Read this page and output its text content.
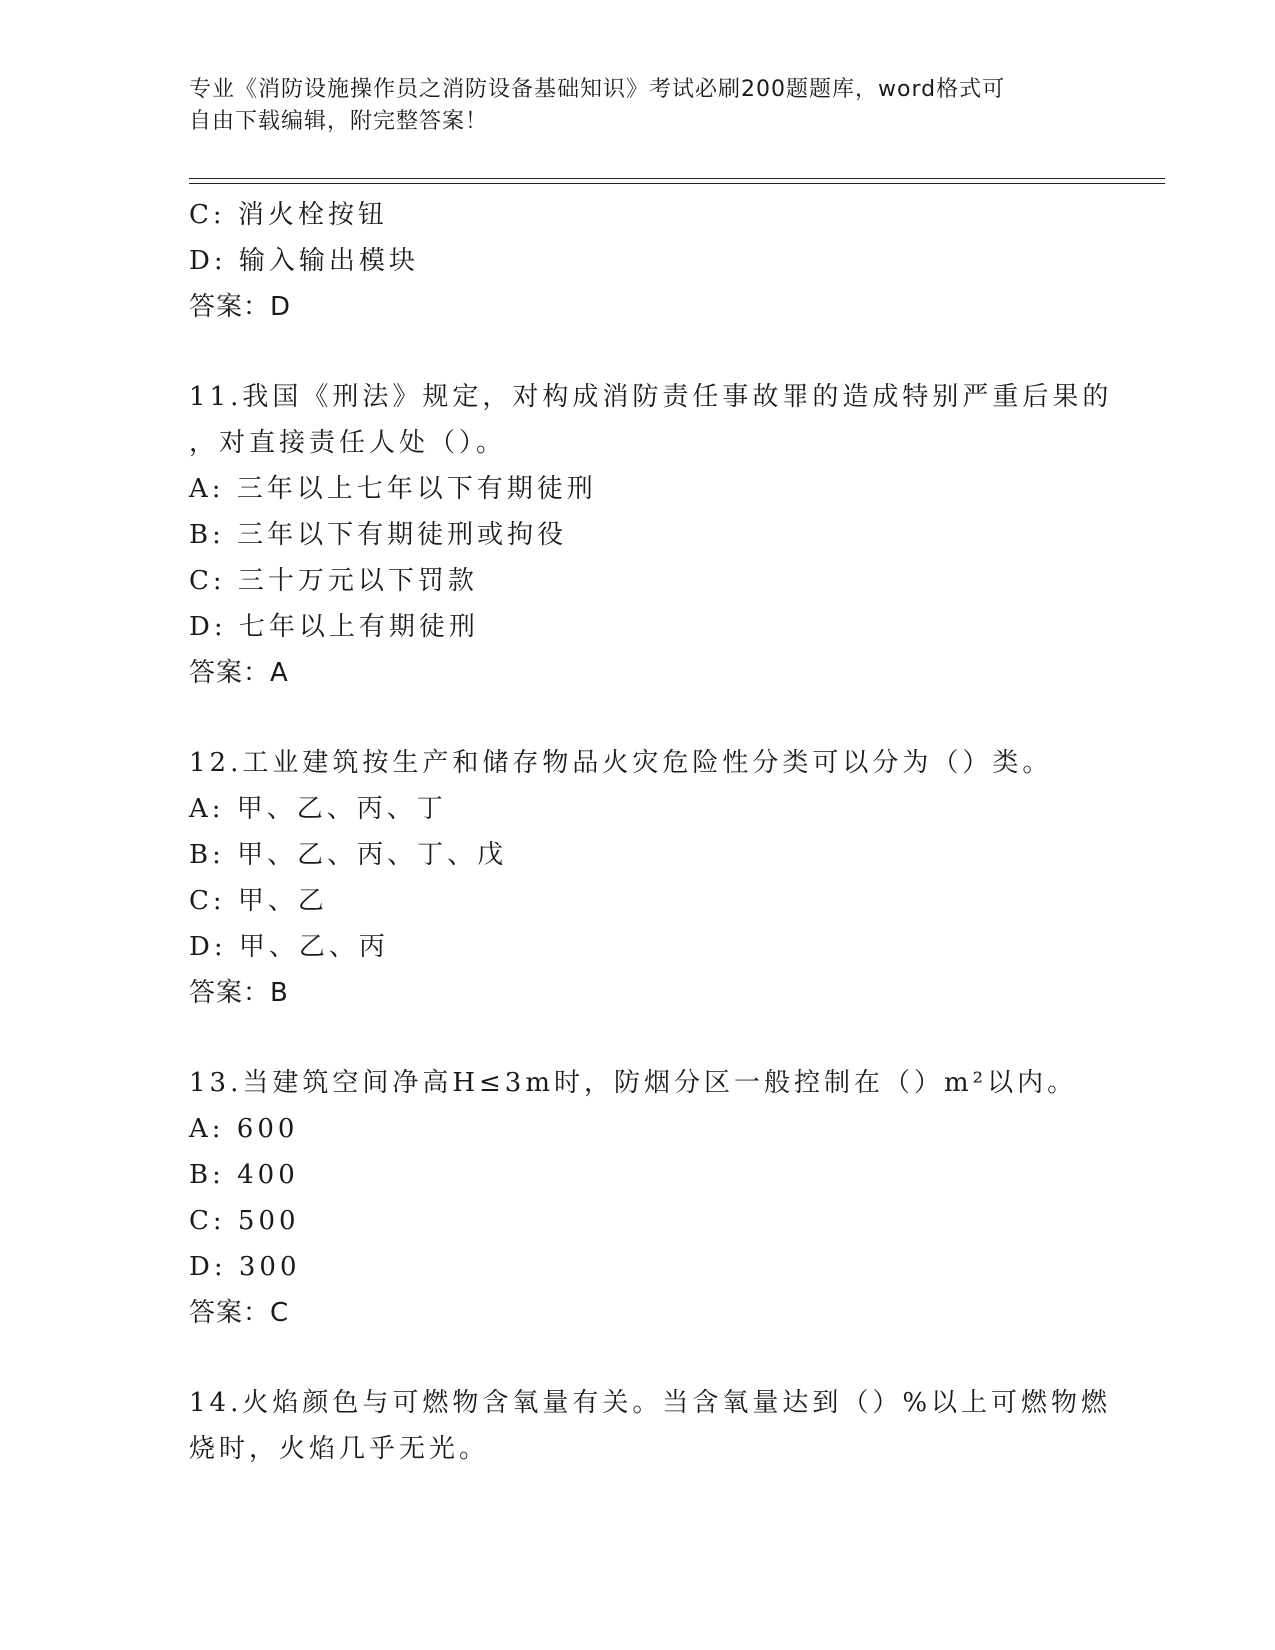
专业《消防设施操作员之消防设备基础知识》考试必刷200题题库，word格式可
自由下载编辑，附完整答案！
C: 消火栓按钮
D: 输入输出模块
答案：D
11.我国《刑法》规定，对构成消防责任事故罪的造成特别严重后果的
，对直接责任人处（）。
A: 三年以上七年以下有期徒刑
B: 三年以下有期徒刑或拘役
C: 三十万元以下罚款
D: 七年以上有期徒刑
答案：A
12.工业建筑按生产和储存物品火灾危险性分类可以分为（）类。
A: 甲、乙、丙、丁
B: 甲、乙、丙、丁、戊
C: 甲、乙
D: 甲、乙、丙
答案：B
13.当建筑空间净高H≤3m时，防烟分区一般控制在（）m²以内。
A: 600
B: 400
C: 500
D: 300
答案：C
14.火焰颜色与可燃物含氧量有关。当含氧量达到（）%以上可燃物燃
烧时，火焰几乎无光。
